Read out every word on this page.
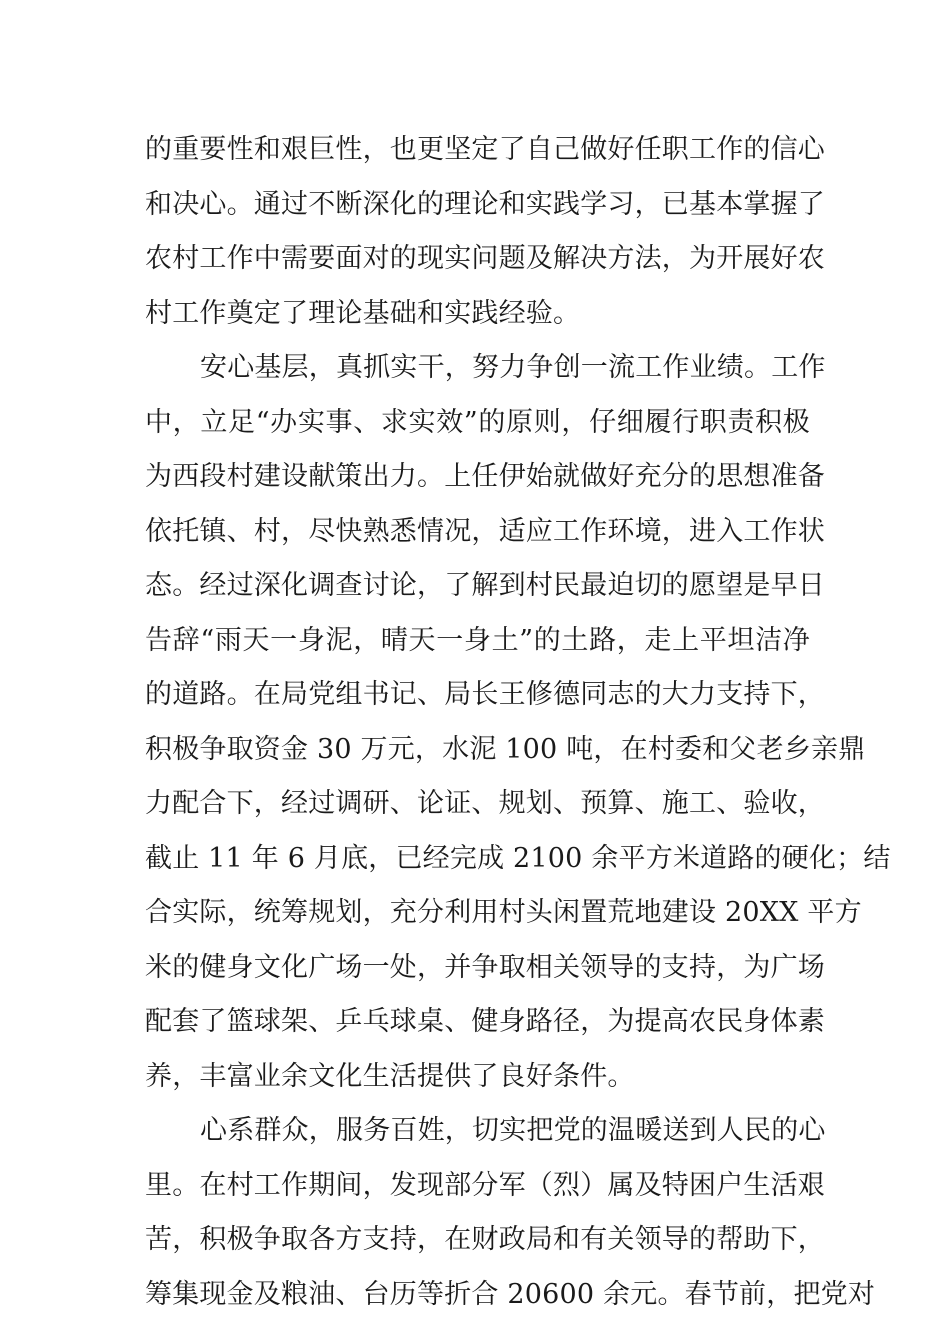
的重要性和艰巨性，也更坚定了自己做好任职工作的信心
和决心。通过不断深化的理论和实践学习，已基本掌握了
农村工作中需要面对的现实问题及解决方法，为开展好农
村工作奠定了理论基础和实践经验。
安心基层，真抓实干，努力争创一流工作业绩。工作
中，立足“办实事、求实效”的原则，仔细履行职责积极
为西段村建设献策出力。上任伊始就做好充分的思想准备
依托镇、村，尽快熟悉情况，适应工作环境，进入工作状
态。经过深化调查讨论，了解到村民最迫切的愿望是早日
告辞“雨天一身泥，晴天一身土”的土路，走上平坦洁净
的道路。在局党组书记、局长王修德同志的大力支持下，
积极争取资金 30 万元，水泥 100 吨，在村委和父老乡亲鼎
力配合下，经过调研、论证、规划、预算、施工、验收，
截止 11 年 6 月底，已经完成 2100 余平方米道路的硬化；结
合实际，统筹规划，充分利用村头闲置荒地建设 20XX 平方
米的健身文化广场一处，并争取相关领导的支持，为广场
配套了篮球架、乒乓球桌、健身路径，为提高农民身体素
养，丰富业余文化生活提供了良好条件。
心系群众，服务百姓，切实把党的温暖送到人民的心
里。在村工作期间，发现部分军（烈）属及特困户生活艰
苦，积极争取各方支持，在财政局和有关领导的帮助下，
筹集现金及粮油、台历等折合 20600 余元。春节前，把党对
